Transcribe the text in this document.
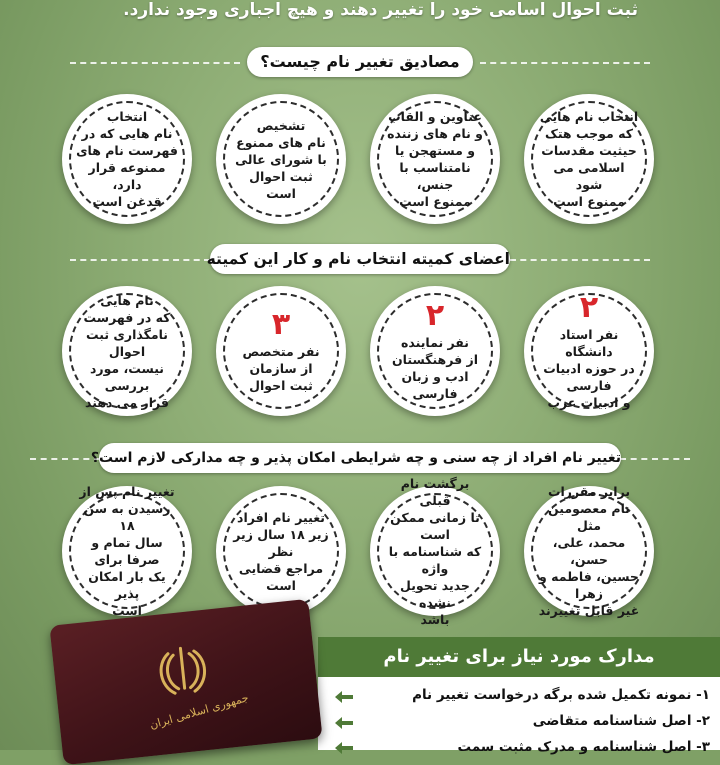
ثبت احوال اسامی خود را تغییر دهند و هیچ اجباری وجود ندارد.
مصادیق تغییر نام چیست؟
انتخاب نام هایی
که موجب هتک
حیثیت مقدسات
اسلامی می شود
ممنوع است
عناوین و القاب
و نام های زننده
و مستهجن یا
نامتناسب با جنس،
ممنوع است
تشخیص
نام های ممنوع
با شورای عالی
ثبت احوال
است
انتخاب
نام هایی که در
فهرست نام های
ممنوعه قرار دارد،
قدغن است
اعضای کمیته انتخاب نام و کار این کمیته
۲
نفر استاد دانشگاه
در حوزه ادبیات فارسی
و ادبیات عرب
۲
نفر نماینده
از فرهنگستان
ادب و زبان فارسی
۳
نفر متخصص
از سازمان
ثبت احوال
نام هایی
که در فهرست
نامگذاری ثبت احوال
نیست، مورد بررسی
قرار می دهند
تغییر نام افراد از چه سنی و چه شرایطی امکان پذیر و چه مدارکی لازم است؟
برابر مقررات
نام معصومین مثل
محمد، علی، حسن،
حسین، فاطمه و زهرا
غیر قابل تغییرند
برگشت نام قبلی
تا زمانی ممکن است
که شناسنامه با واژه
جدید تحویل نشده
باشد
تغییر نام افراد
زیر ۱۸ سال زیر نظر
مراجع قضایی است
تغییر نام پس از
رسیدن به سن ۱۸
سال تمام و صرفا برای
یک بار امکان پذیر
است
مدارک مورد نیاز برای تغییر نام
۱- نمونه تکمیل شده برگه درخواست تغییر نام
۲- اصل شناسنامه متقاضی
۳- اصل شناسنامه و مدرک مثبت سمت
جمهوری اسلامی ایران
